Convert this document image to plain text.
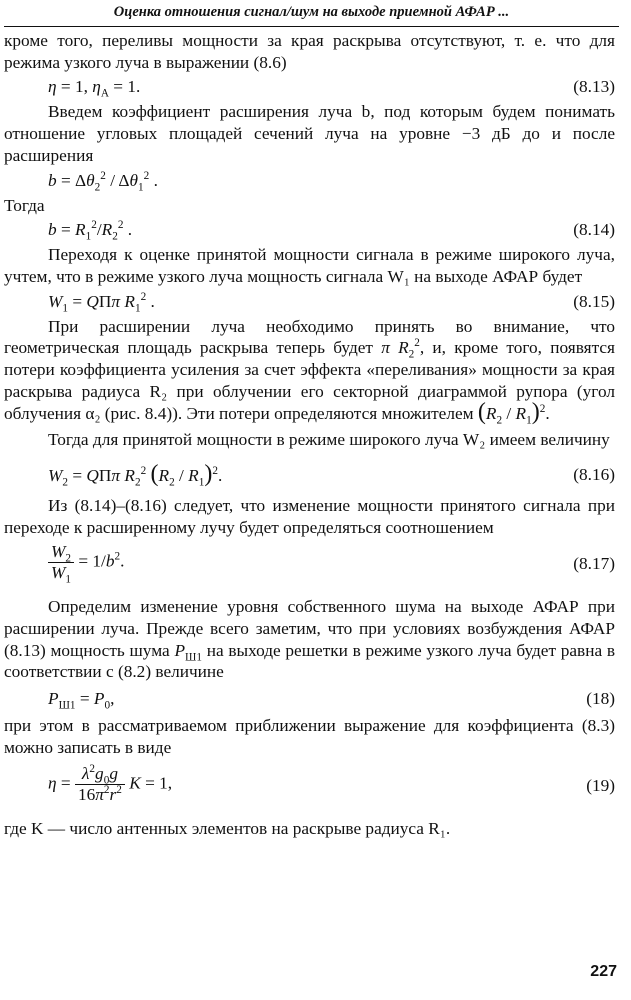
Оценка отношения сигнал/шум на выходе приемной АФАР ...

кроме того, переливы мощности за края раскрыва отсутствуют, т. е. что для режима узкого луча в выражении (8.6)

η = 1, $\eta_A = 1$.	(8.13)

Введем коэффициент расширения луча b, под которым будем понимать отношение угловых площадей сечений луча на уровне −3 дБ до и после расширения

$b = \Delta\theta_2^2 / \Delta\theta_1^2$ .

Тогда

$b = R_1^2/R_2^2$ .	(8.14)

Переходя к оценке принятой мощности сигнала в режиме широкого луча, учтем, что в режиме узкого луча мощность сигнала W₁ на выходе АФАР будет

$W_1 = Q\Pi\pi$ $R_1^2$ .	(8.15)

При расширении луча необходимо принять во внимание, что геометрическая площадь раскрыва теперь будет π $R_2^2$, и, кроме того, появятся потери коэффициента усиления за счет эффекта «переливания» мощности за края раскрыва радиуса R₂ при облучении его секторной диаграммой рупора (угол облучения α₂ (рис. 8.4)). Эти потери определяются множителем $(R_2 / R_1)^2$.

Тогда для принятой мощности в режиме широкого луча W₂ имеем величину

$W_2 = Q\Pi\pi$ $R_2^2$ $(R_2 / R_1)^2$.	(8.16)

Из (8.14)–(8.16) следует, что изменение мощности принятого сигнала при переходе к расширенному лучу будет определяться соотношением

$\frac{W_2}{W_1} = 1/b^2$.	(8.17)

Определим изменение уровня собственного шума на выходе АФАР при расширении луча. Прежде всего заметим, что при условиях возбуждения АФАР (8.13) мощность шума $P_{Ш1}$ на выходе решетки в режиме узкого луча будет равна в соответствии с (8.2) величине

$P_{Ш1} = P_0$,	(18)

при этом в рассматриваемом приближении выражение для коэффициента (8.3) можно записать в виде

$\eta = \frac{\lambda^2g_0g}{16\pi^2r^2}$ K = 1,	(19)

где K — число антенных элементов на раскрыве радиуса R₁.

227
